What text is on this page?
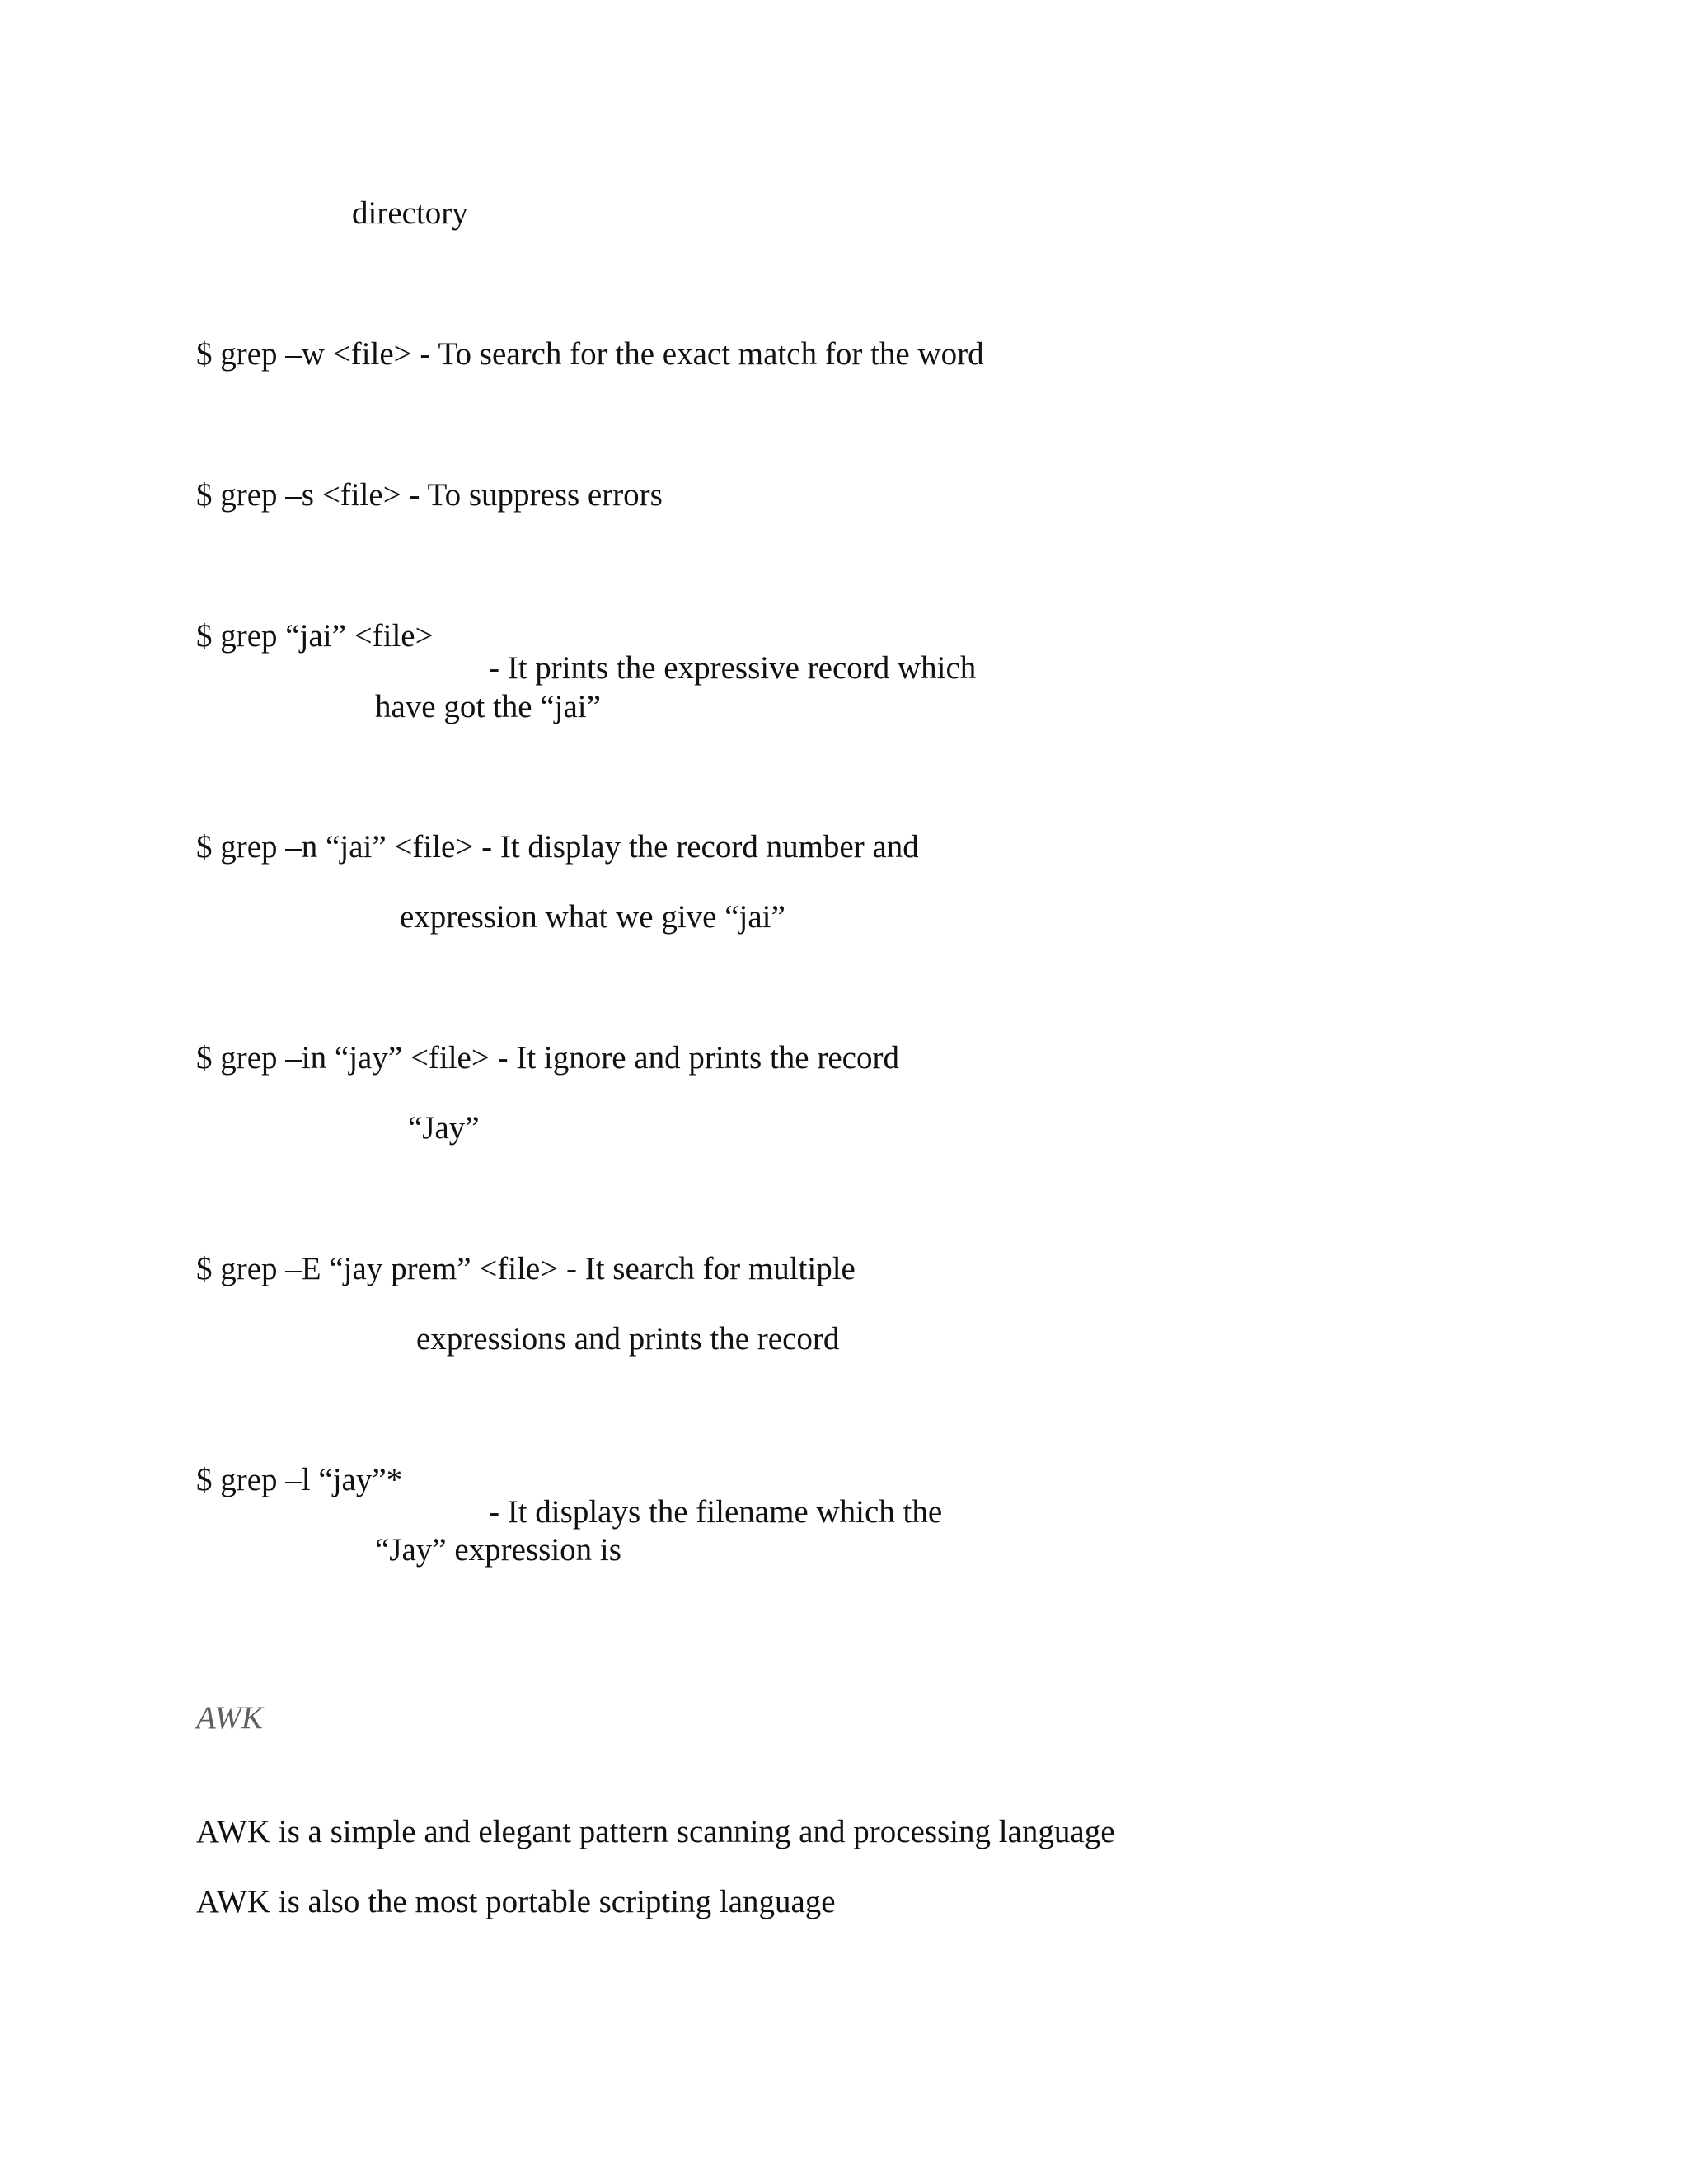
directory

$ grep –w <file> - To search for the exact match for the word

$ grep –s <file> - To suppress errors

$ grep “jai” <file>

- It prints the expressive record which

have got the “jai”

$ grep –n “jai” <file> - It display the record number and

expression what we give “jai”

$ grep –in “jay” <file> - It ignore and prints the record

“Jay”

$ grep –E “jay prem” <file> - It search for multiple

expressions and prints the record

$ grep –l “jay”*

- It displays the filename which the

“Jay” expression is

AWK

AWK is a simple and elegant pattern scanning and processing language

AWK is also the most portable scripting language
